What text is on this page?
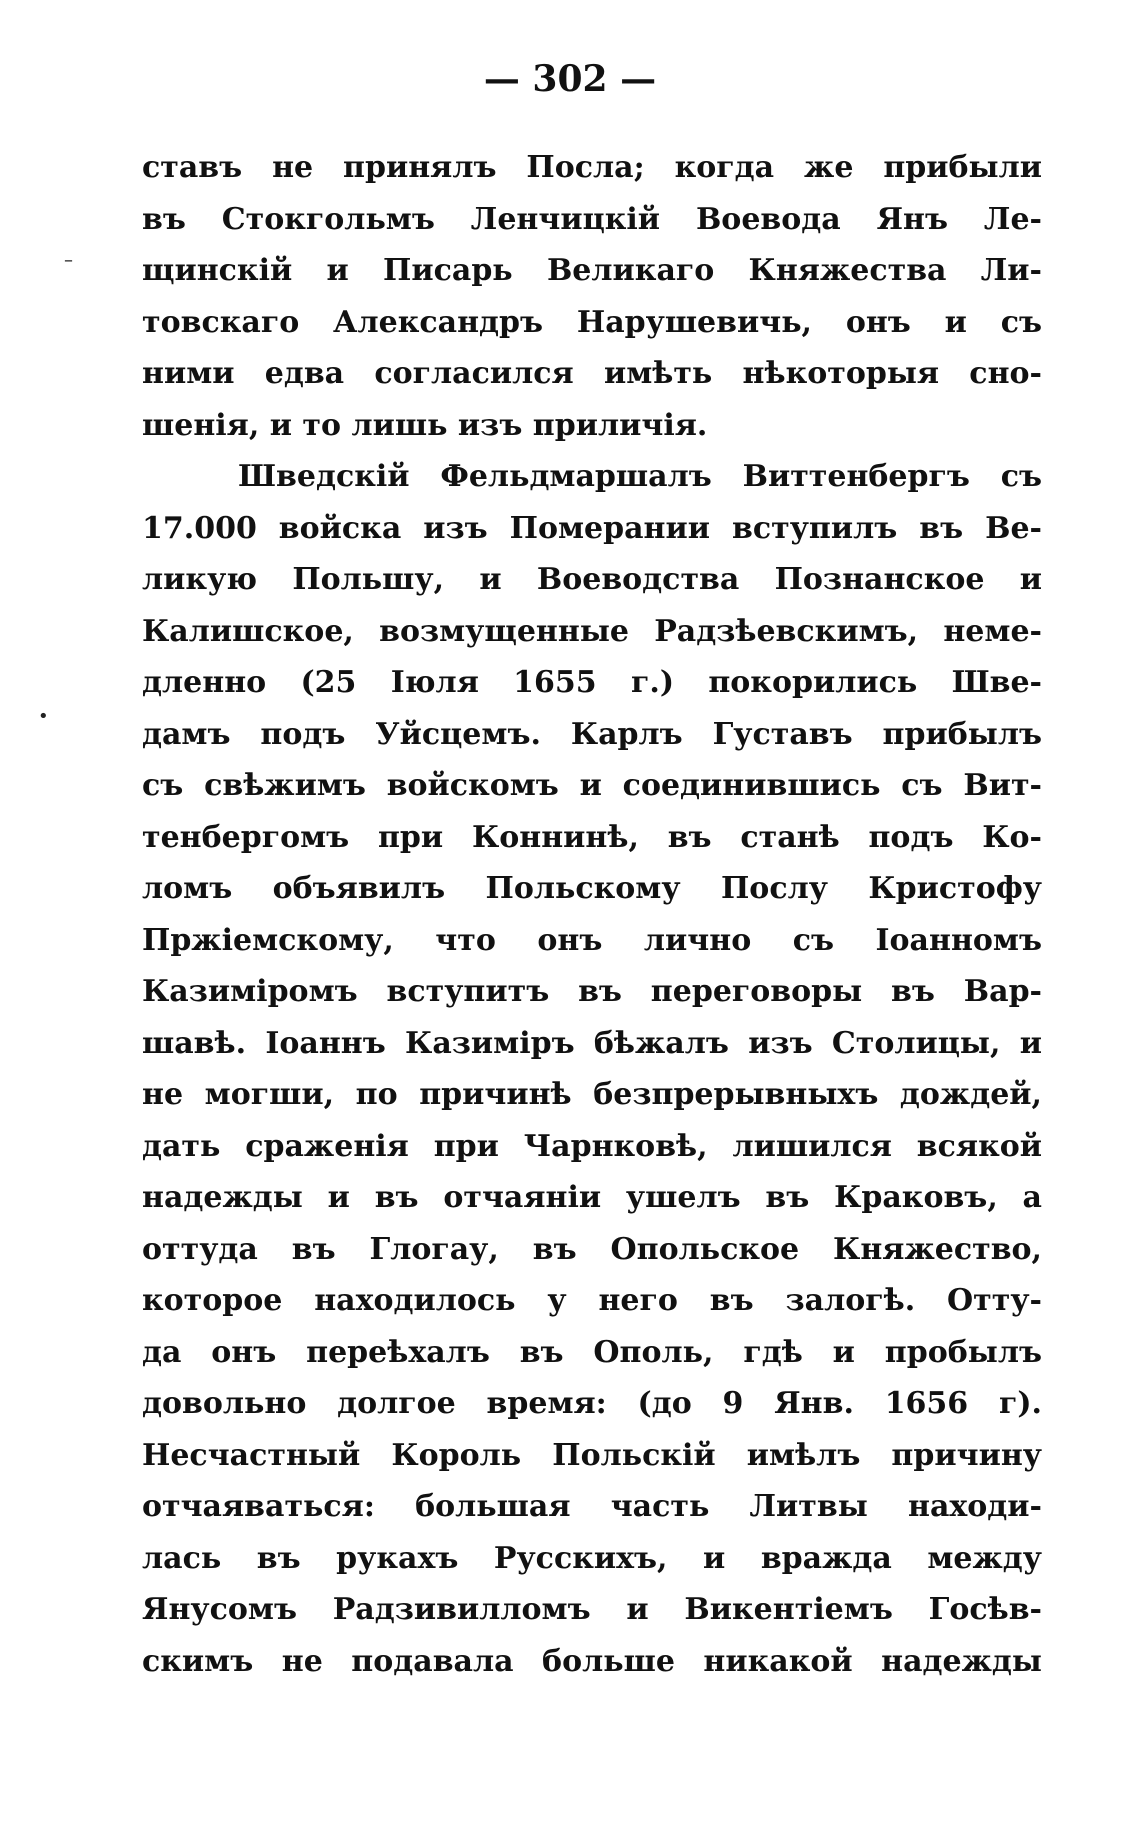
— 302 —
–
•
ставъ не принялъ Посла; когда же прибыли
въ Стокгольмъ Ленчицкій Воевода Янъ Ле-
щинскій и Писарь Великаго Княжества Ли-
товскаго Александръ Нарушевичь, онъ и съ
ними едва согласился имѣть нѣкоторыя сно-
шенія, и то лишь изъ приличія.
Шведскій Фельдмаршалъ Виттенбергъ съ
17.000 войска изъ Померании вступилъ въ Ве-
ликую Польшу, и Воеводства Познанское и
Калишское, возмущенные Радзѣевскимъ, неме-
дленно (25 Іюля 1655 г.) покорились Шве-
дамъ подъ Уйсцемъ. Карлъ Густавъ прибылъ
съ свѣжимъ войскомъ и соединившись съ Вит-
тенбергомъ при Коннинѣ, въ станѣ подъ Ко-
ломъ объявилъ Польскому Послу Кристофу
Пржіемскому, что онъ лично съ Іоанномъ
Казиміромъ вступитъ въ переговоры въ Вар-
шавѣ. Іоаннъ Казиміръ бѣжалъ изъ Столицы, и
не могши, по причинѣ безпрерывныхъ дождей,
дать сраженія при Чарнковѣ, лишился всякой
надежды и въ отчаяніи ушелъ въ Краковъ, а
оттуда въ Глогау, въ Опольское Княжество,
которое находилось у него въ залогѣ. Отту-
да онъ переѣхалъ въ Ополь, гдѣ и пробылъ
довольно долгое время: (до 9 Янв. 1656 г).
Несчастный Король Польскій имѣлъ причину
отчаяваться: большая часть Литвы находи-
лась въ рукахъ Русскихъ, и вражда между
Янусомъ Радзивилломъ и Викентіемъ Госѣв-
скимъ не подавала больше никакой надежды
